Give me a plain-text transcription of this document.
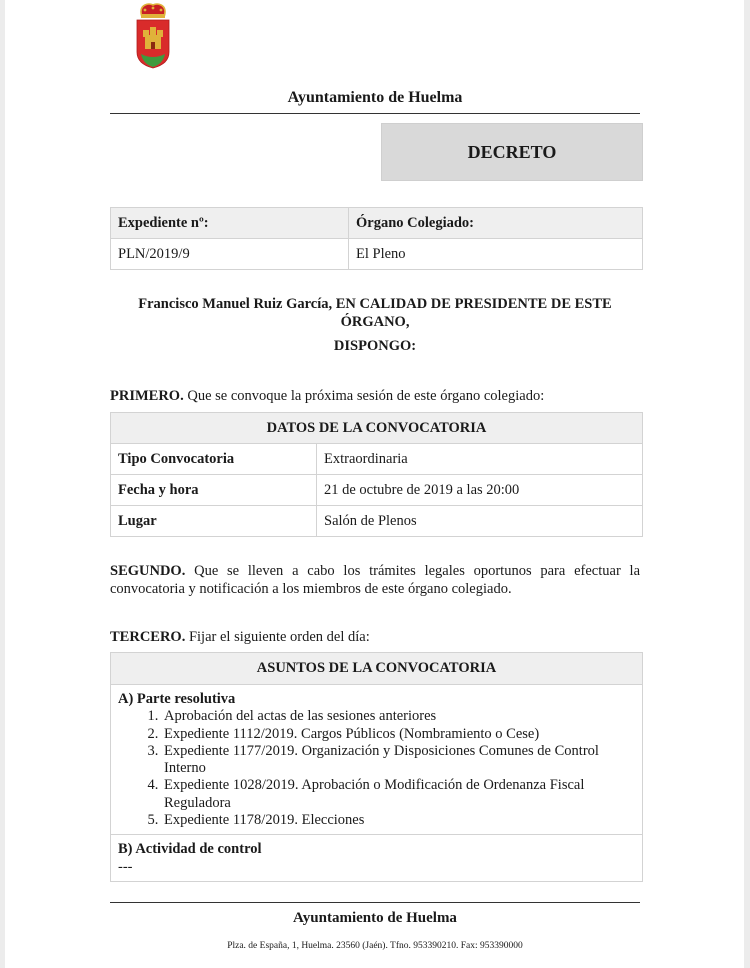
Ayuntamiento de Huelma
DECRETO
Expediente nº:	Órgano Colegiado:
PLN/2019/9	El Pleno
Francisco Manuel Ruiz García, EN CALIDAD DE PRESIDENTE DE ESTE ÓRGANO,
DISPONGO:
PRIMERO. Que se convoque la próxima sesión de este órgano colegiado:
DATOS DE LA CONVOCATORIA	
Tipo Convocatoria	Extraordinaria
Fecha y hora	21 de octubre de 2019 a las 20:00
Lugar	Salón de Plenos
SEGUNDO. Que se lleven a cabo los trámites legales oportunos para efectuar la convocatoria y notificación a los miembros de este órgano colegiado.
TERCERO. Fijar el siguiente orden del día:
ASUNTOS DE LA CONVOCATORIA
A) Parte resolutiva
1. Aprobación del actas de las sesiones anteriores
2. Expediente 1112/2019. Cargos Públicos (Nombramiento o Cese)
3. Expediente 1177/2019. Organización y Disposiciones Comunes de Control Interno
4. Expediente 1028/2019. Aprobación o Modificación de Ordenanza Fiscal Reguladora
5. Expediente 1178/2019. Elecciones
B) Actividad de control
---
Ayuntamiento de Huelma
Plza. de España, 1, Huelma. 23560 (Jaén). Tfno. 953390210. Fax: 953390000
